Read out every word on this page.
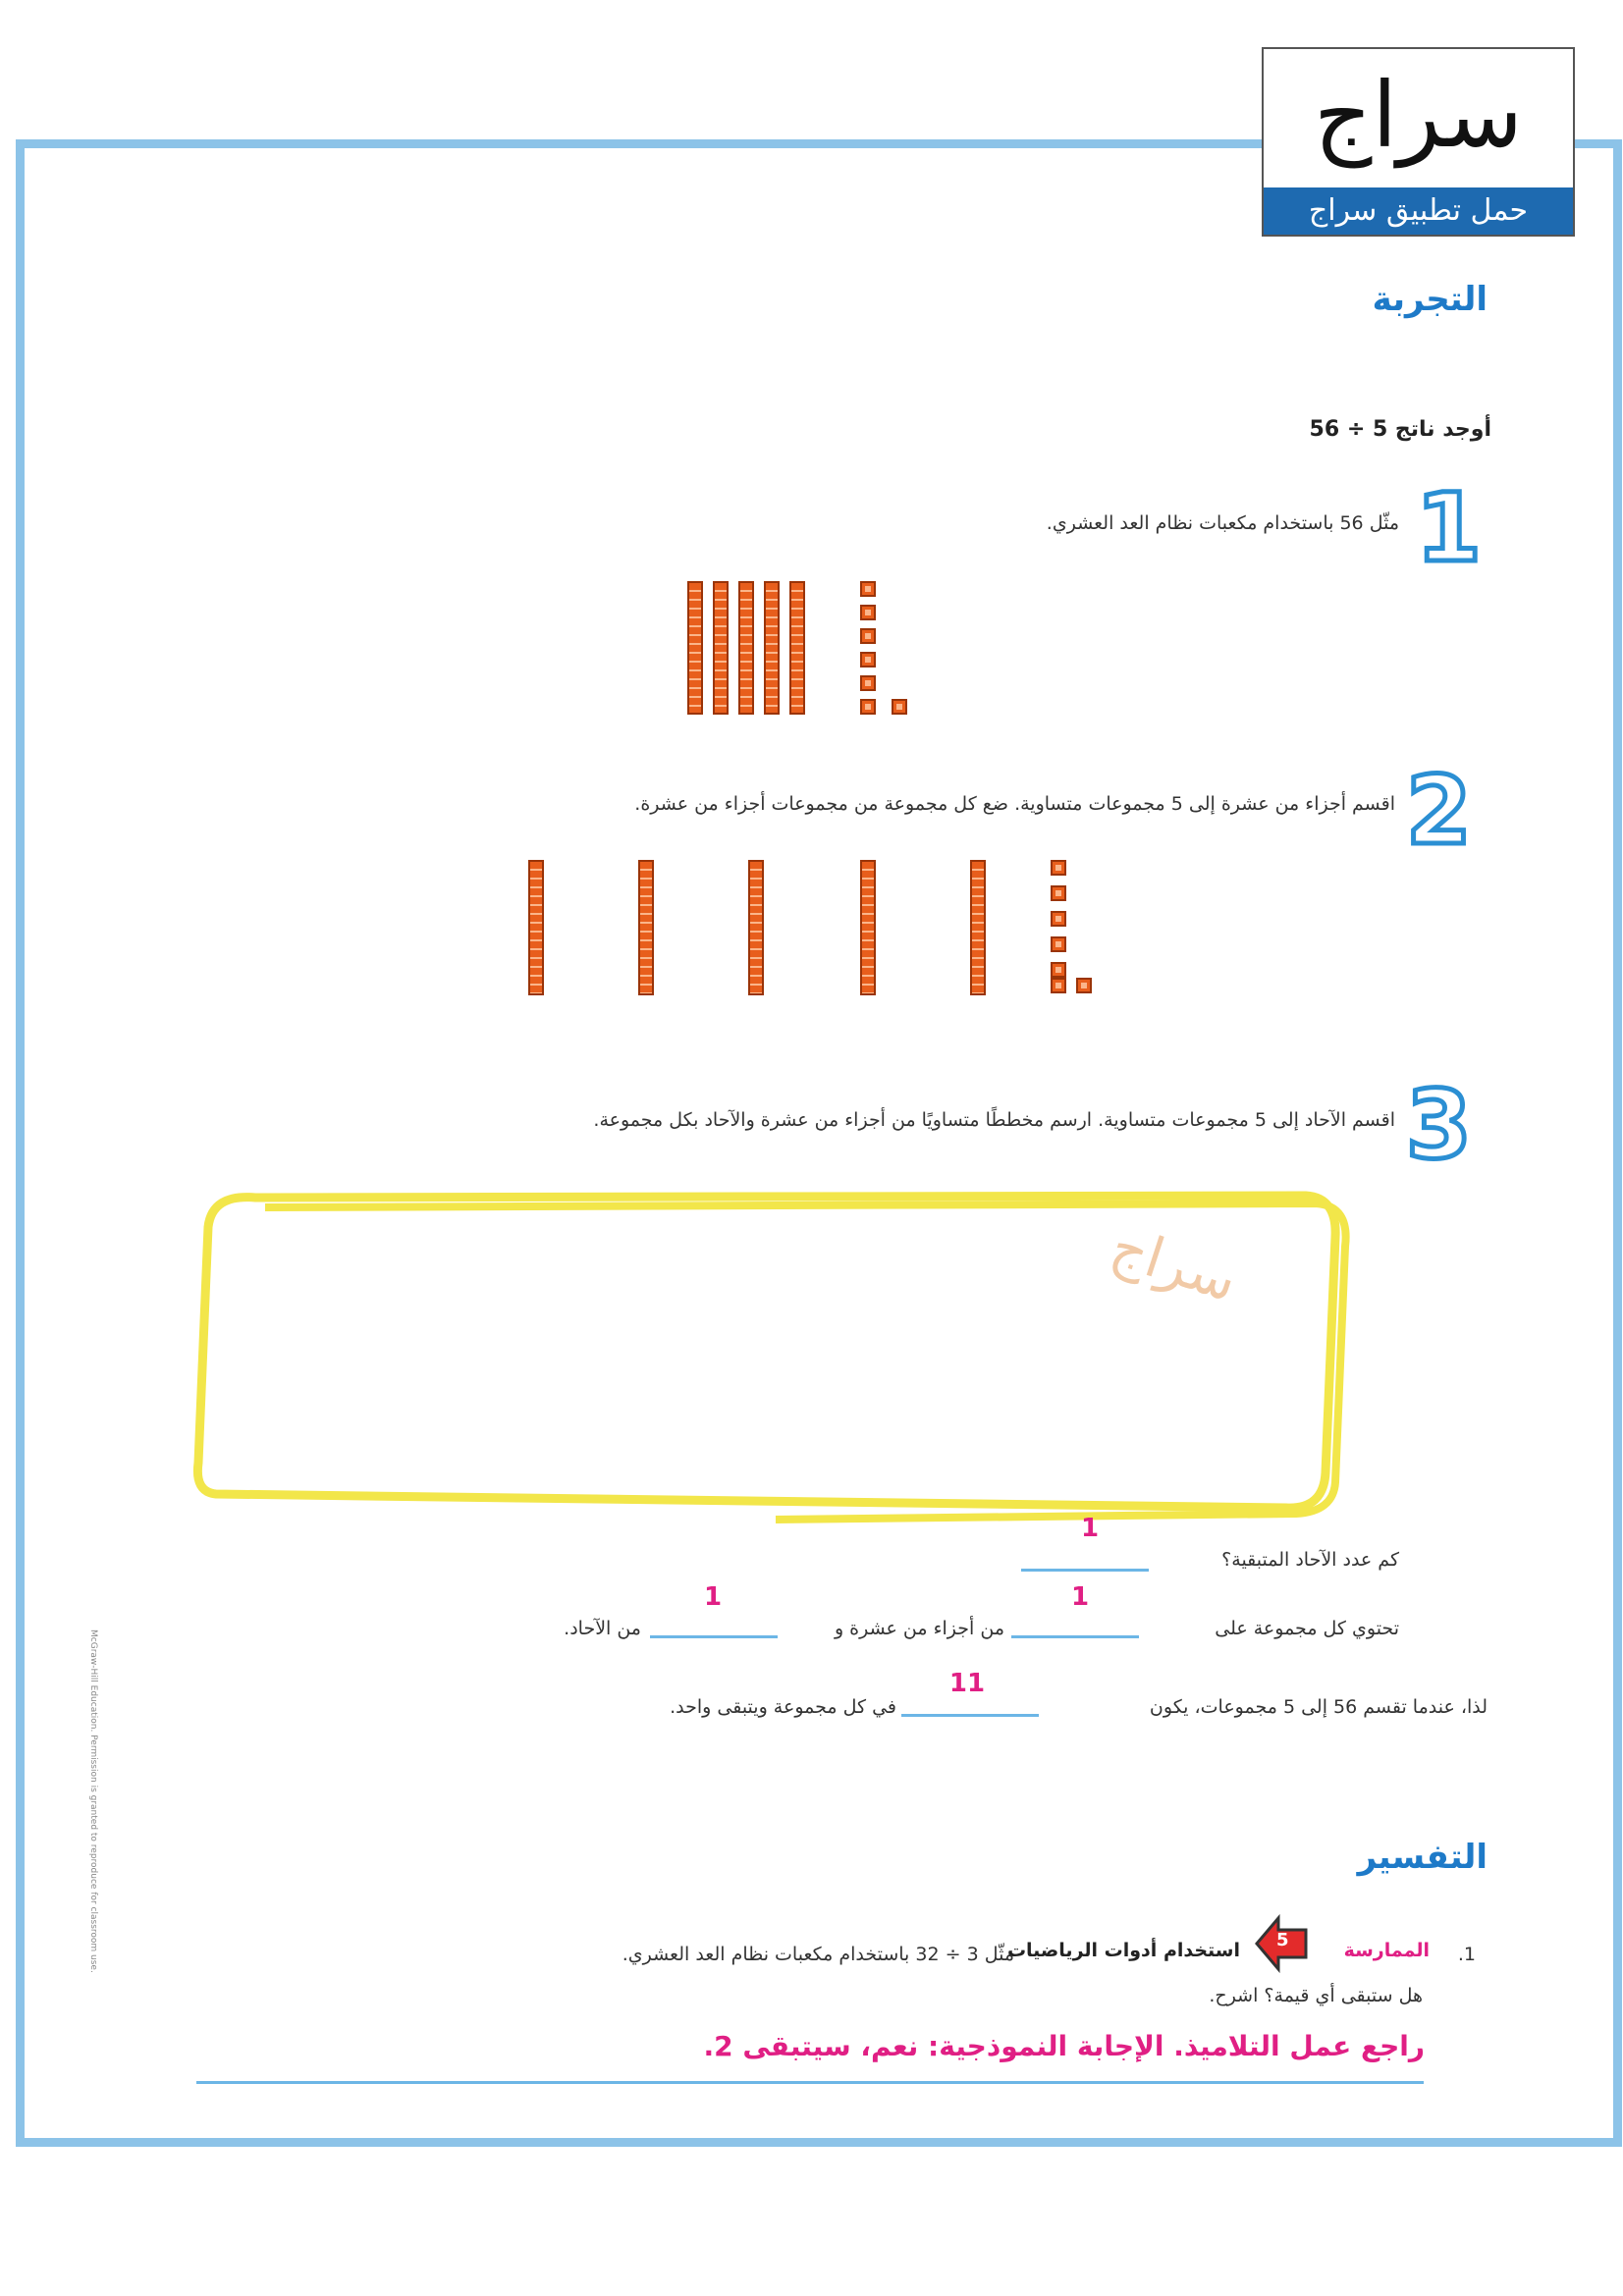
سراج
حمل تطبيق سراج
التجربة
أوجد ناتج 5 ÷ 56
1
مثّل 56 باستخدام مكعبات نظام العد العشري.
2
اقسم أجزاء من عشرة إلى 5 مجموعات متساوية. ضع كل مجموعة من مجموعات أجزاء من عشرة.
3
اقسم الآحاد إلى 5 مجموعات متساوية. ارسم مخططًا متساويًا من أجزاء من عشرة والآحاد بكل مجموعة.
سراج
1
كم عدد الآحاد المتبقية؟
تحتوي كل مجموعة على
1
من أجزاء من عشرة و
1
من الآحاد.
لذا، عندما تقسم 56 إلى 5 مجموعات، يكون
11
في كل مجموعة ويتبقى واحد.
التفسير
1.
الممارسة
5
استخدام أدوات الرياضيات
مثّل 3 ÷ 32 باستخدام مكعبات نظام العد العشري.
هل ستبقى أي قيمة؟ اشرح.
راجع عمل التلاميذ. الإجابة النموذجية: نعم، سيتبقى 2.
McGraw-Hill Education. Permission is granted to reproduce for classroom use.
